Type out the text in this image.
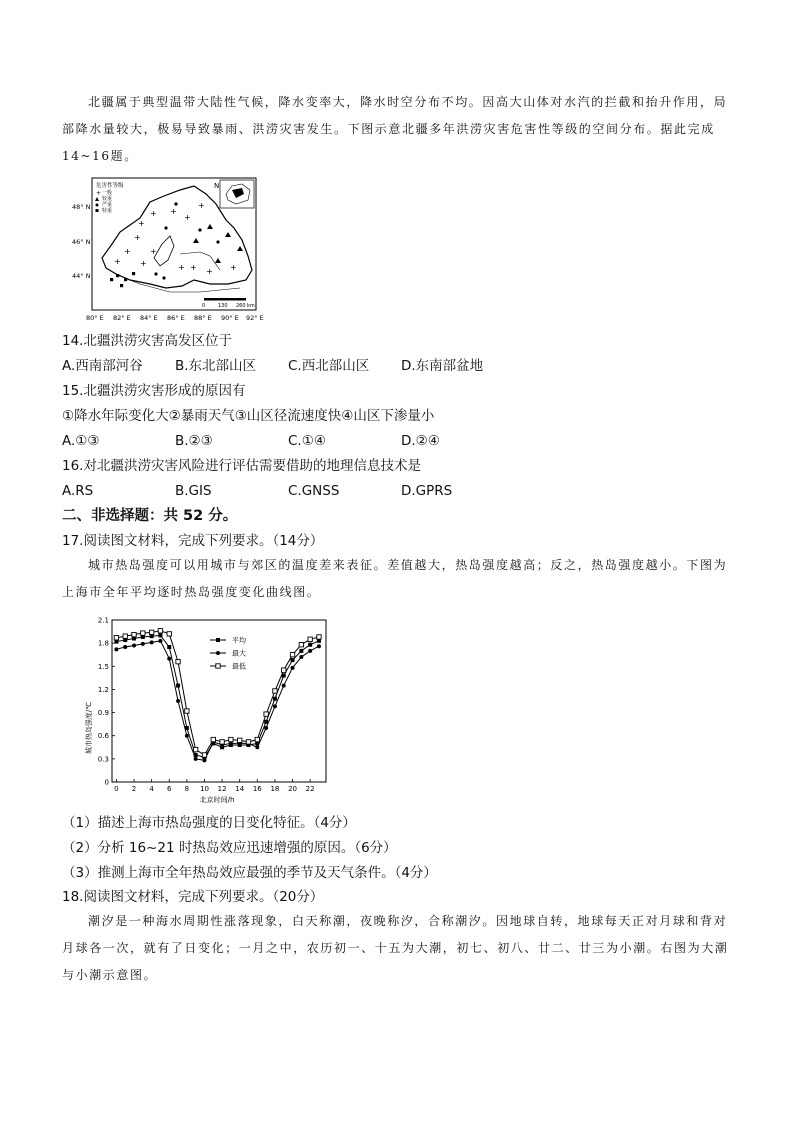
北疆属于典型温带大陆性气候，降水变率大，降水时空分布不均。因高大山体对水汽的拦截和抬升作用，局部降水量较大，极易导致暴雨、洪涝灾害发生。下图示意北疆多年洪涝灾害危害性等级的空间分布。据此完成14~16题。
N
危害性等级
一般
较重
严重
特重
+
+
+ +
+
+
+
+ +
+ + + +
+ +
0	130 260 km
48° N
46° N
44° N
80° E 82° E 84° E 86° E 88° E 90° E 92° E
14.北疆洪涝灾害高发区位于
A.西南部河谷	B.东北部山区	C.西北部山区	D.东南部盆地
15.北疆洪涝灾害形成的原因有
①降水年际变化大②暴雨天气③山区径流速度快④山区下渗量小
A.①③	B.②③	C.①④	D.②④
16.对北疆洪涝灾害风险进行评估需要借助的地理信息技术是
A.RS	B.GIS	C.GNSS	D.GPRS
二、非选择题：共 52 分。
17.阅读图文材料，完成下列要求。（14分）
城市热岛强度可以用城市与郊区的温度差来表征。差值越大，热岛强度越高；反之，热岛强度越小。下图为上海市全年平均逐时热岛强度变化曲线图。
城市热岛强度/℃
北京时间/h
0
0.3
0.6
0.9
1.2
1.5
1.8
2.1
0 2 4 6 8 10 12 14 16 18 20 22
平均
最大
最低
（1）描述上海市热岛强度的日变化特征。（4分）
（2）分析 16~21 时热岛效应迅速增强的原因。（6分）
（3）推测上海市全年热岛效应最强的季节及天气条件。（4分）
18.阅读图文材料，完成下列要求。（20分）
潮汐是一种海水周期性涨落现象，白天称潮，夜晚称汐，合称潮汐。因地球自转，地球每天正对月球和背对月球各一次，就有了日变化；一月之中，农历初一、十五为大潮，初七、初八、廿二、廿三为小潮。右图为大潮与小潮示意图。
